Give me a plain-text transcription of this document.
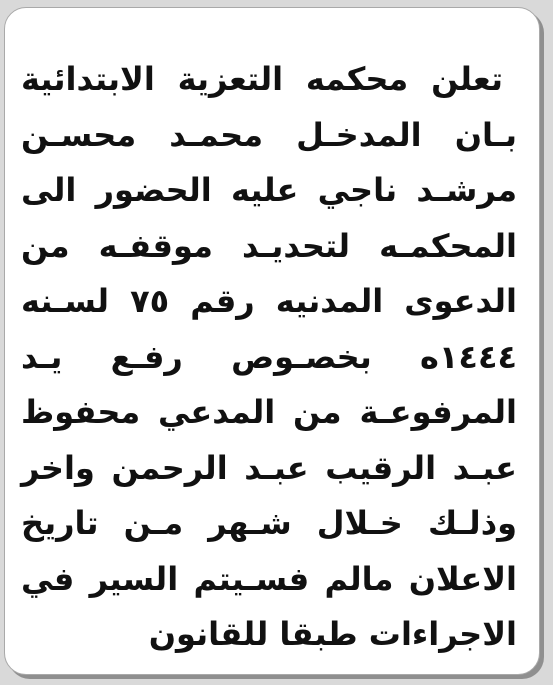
تعلن محكمه التعزية الابتدائية
بـان المدخـل محمـد محسـن
مرشـد ناجي عليه الحضور الى
المحكمـه لتحديـد موقفـه من
الدعوى المدنيه رقم ٧٥ لسـنه
١٤٤٤ه بخصـوص رفـع يـد
المرفوعـة من المدعي محفوظ
عبـد الرقيب عبـد الرحمن واخر
وذلـك خـلال شـهر مـن تاريخ
الاعلان مالم فسـيتم السير في
الاجراءات طبقا للقانون
